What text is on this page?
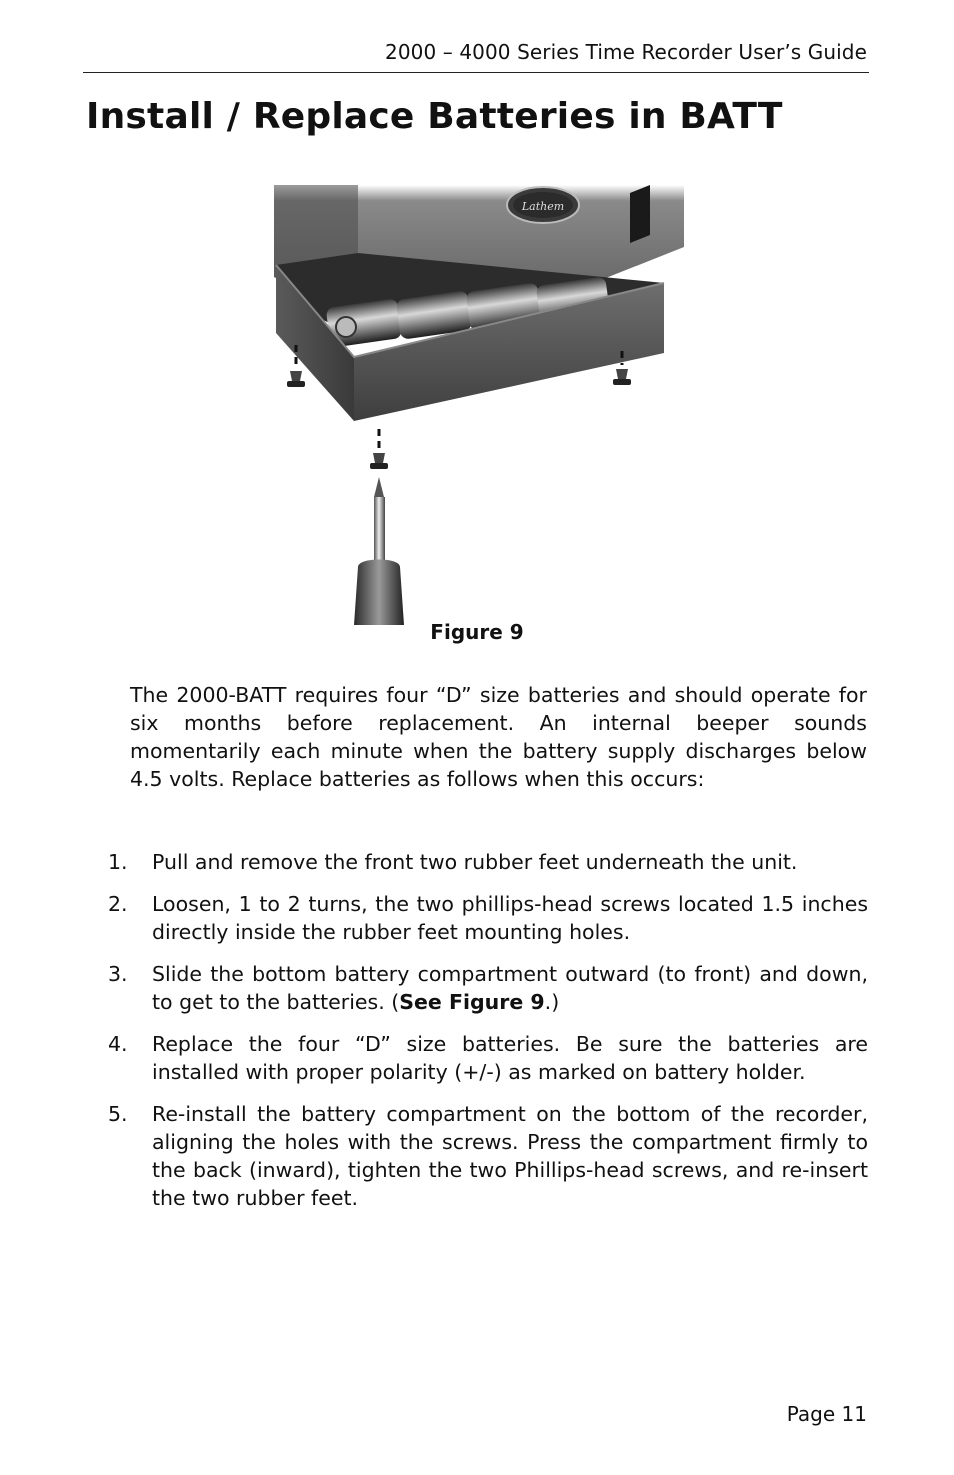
2000 – 4000 Series Time Recorder User’s Guide
Install / Replace Batteries in BATT
Lathem
Figure 9

The 2000-BATT requires four “D” size batteries and should operate for six months before replacement. An internal beeper sounds momentarily each minute when the battery supply discharges below 4.5 volts. Replace batteries as follows when this occurs:

1. Pull and remove the front two rubber feet underneath the unit.
2. Loosen, 1 to 2 turns, the two phillips-head screws located 1.5 inches directly inside the rubber feet mounting holes.
3. Slide the bottom battery compartment outward (to front) and down, to get to the batteries. (See Figure 9.)
4. Replace the four “D” size batteries. Be sure the batteries are installed with proper polarity (+/-) as marked on battery holder.
5. Re-install the battery compartment on the bottom of the recorder, aligning the holes with the screws. Press the compartment firmly to the back (inward), tighten the two Phillips-head screws, and re-insert the two rubber feet.
Page 11
